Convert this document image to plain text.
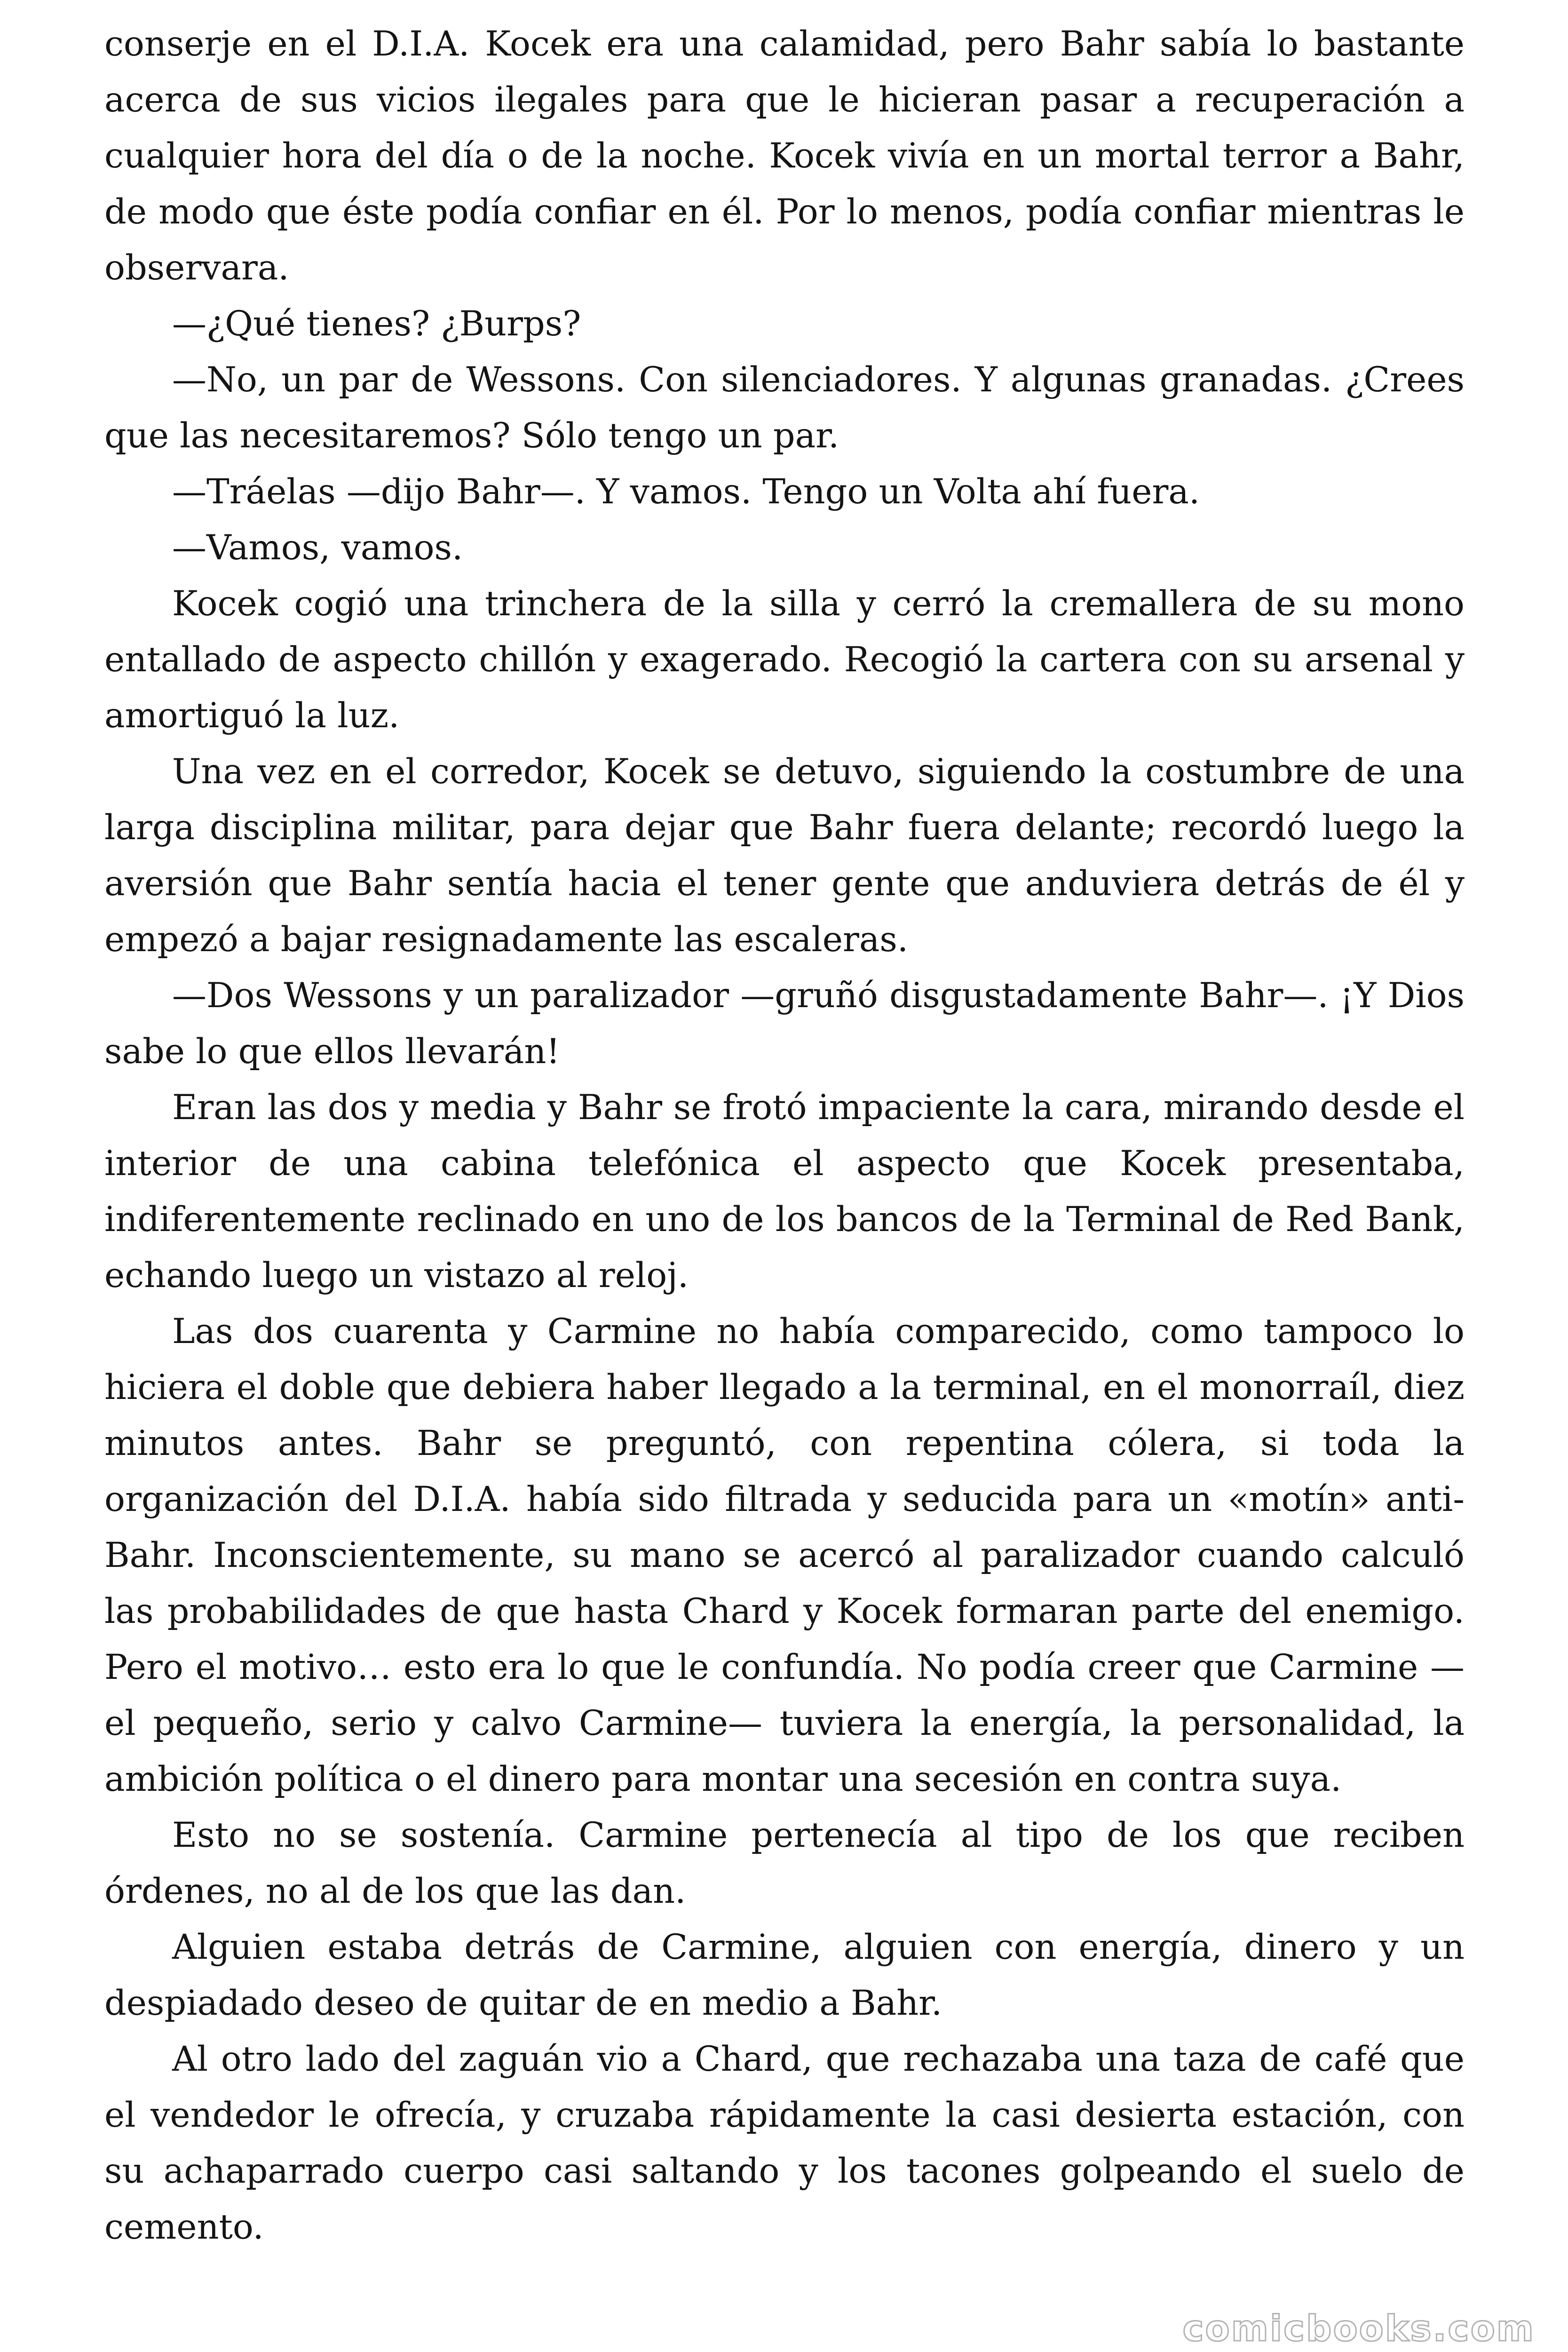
conserje en el D.I.A. Kocek era una calamidad, pero Bahr sabía lo bastante acerca de sus vicios ilegales para que le hicieran pasar a recuperación a cualquier hora del día o de la noche. Kocek vivía en un mortal terror a Bahr, de modo que éste podía confiar en él. Por lo menos, podía confiar mientras le observara.

—¿Qué tienes? ¿Burps?

—No, un par de Wessons. Con silenciadores. Y algunas granadas. ¿Crees que las necesitaremos? Sólo tengo un par.

—Tráelas —dijo Bahr—. Y vamos. Tengo un Volta ahí fuera.

—Vamos, vamos.

Kocek cogió una trinchera de la silla y cerró la cremallera de su mono entallado de aspecto chillón y exagerado. Recogió la cartera con su arsenal y amortiguó la luz.

Una vez en el corredor, Kocek se detuvo, siguiendo la costumbre de una larga disciplina militar, para dejar que Bahr fuera delante; recordó luego la aversión que Bahr sentía hacia el tener gente que anduviera detrás de él y empezó a bajar resignadamente las escaleras.

—Dos Wessons y un paralizador —gruñó disgustadamente Bahr—. ¡Y Dios sabe lo que ellos llevarán!

Eran las dos y media y Bahr se frotó impaciente la cara, mirando desde el interior de una cabina telefónica el aspecto que Kocek presentaba, indiferentemente reclinado en uno de los bancos de la Terminal de Red Bank, echando luego un vistazo al reloj.

Las dos cuarenta y Carmine no había comparecido, como tampoco lo hiciera el doble que debiera haber llegado a la terminal, en el monorraíl, diez minutos antes. Bahr se preguntó, con repentina cólera, si toda la organización del D.I.A. había sido filtrada y seducida para un «motín» anti-Bahr. Inconscientemente, su mano se acercó al paralizador cuando calculó las probabilidades de que hasta Chard y Kocek formaran parte del enemigo. Pero el motivo… esto era lo que le confundía. No podía creer que Carmine —el pequeño, serio y calvo Carmine— tuviera la energía, la personalidad, la ambición política o el dinero para montar una secesión en contra suya.

Esto no se sostenía. Carmine pertenecía al tipo de los que reciben órdenes, no al de los que las dan.

Alguien estaba detrás de Carmine, alguien con energía, dinero y un despiadado deseo de quitar de en medio a Bahr.

Al otro lado del zaguán vio a Chard, que rechazaba una taza de café que el vendedor le ofrecía, y cruzaba rápidamente la casi desierta estación, con su achaparrado cuerpo casi saltando y los tacones golpeando el suelo de cemento.

comicbooks.com
